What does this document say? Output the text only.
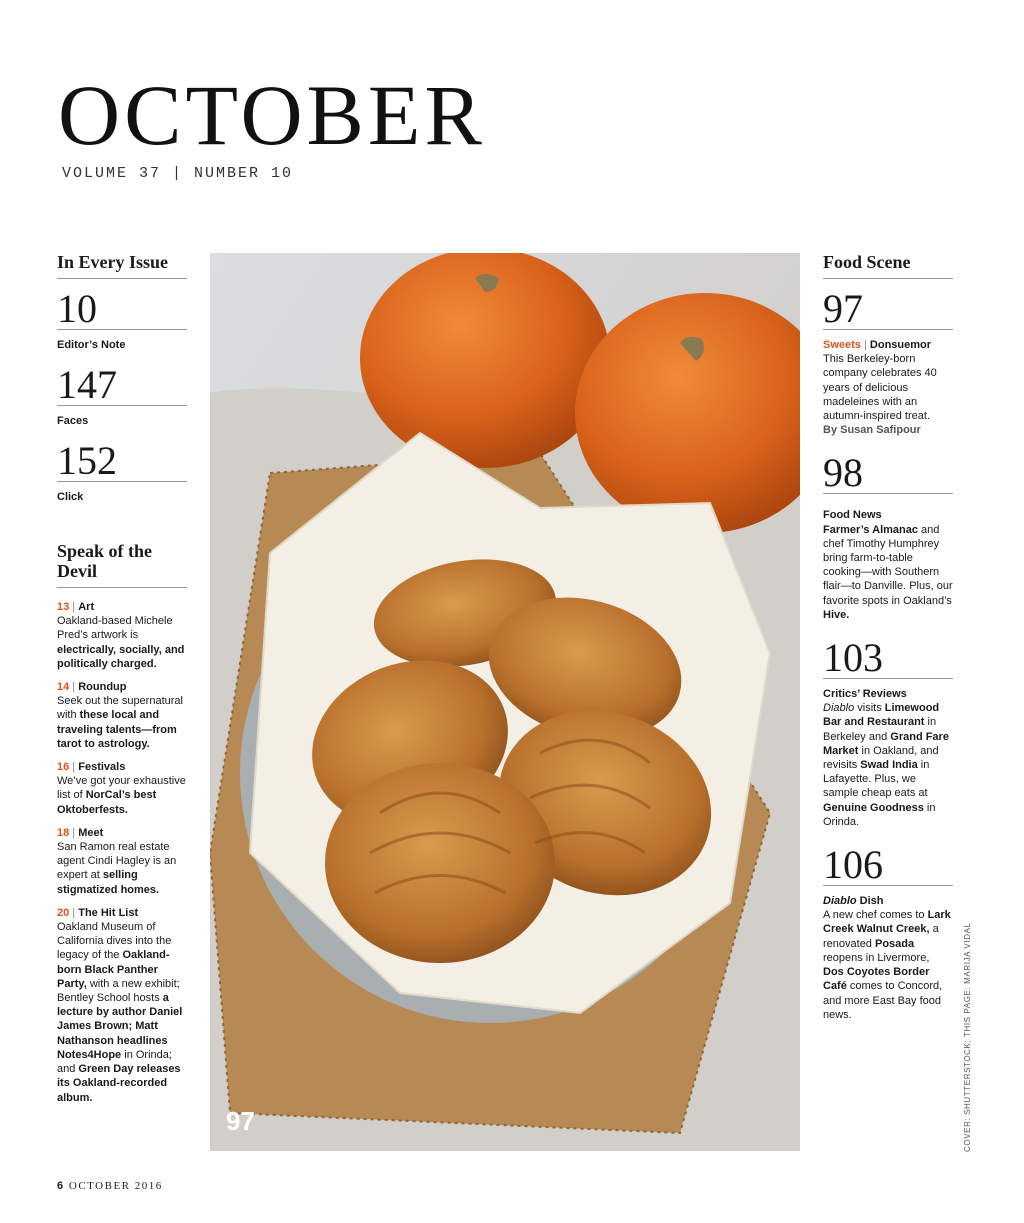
OCTOBER
VOLUME 37 | NUMBER 10
In Every Issue
10
Editor’s Note
147
Faces
152
Click
Speak of the Devil
13 | Art
Oakland-based Michele Pred’s artwork is electrically, socially, and politically charged.
14 | Roundup
Seek out the supernatural with these local and traveling talents—from tarot to astrology.
16 | Festivals
We’ve got your exhaustive list of NorCal’s best Oktoberfests.
18 | Meet
San Ramon real estate agent Cindi Hagley is an expert at selling stigmatized homes.
20 | The Hit List
Oakland Museum of California dives into the legacy of the Oakland-born Black Panther Party, with a new exhibit; Bentley School hosts a lecture by author Daniel James Brown; Matt Nathanson headlines Notes4Hope in Orinda; and Green Day releases its Oakland-recorded album.
97
Food Scene
97
Sweets | Donsuemor
This Berkeley-born company celebrates 40 years of delicious madeleines with an autumn-inspired treat.
By Susan Safipour
98
Food News
Farmer’s Almanac and chef Timothy Humphrey bring farm-to-table cooking—with Southern flair—to Danville. Plus, our favorite spots in Oakland’s Hive.
103
Critics’ Reviews
Diablo visits Limewood Bar and Restaurant in Berkeley and Grand Fare Market in Oakland, and revisits Swad India in Lafayette. Plus, we sample cheap eats at Genuine Goodness in Orinda.
106
Diablo Dish
A new chef comes to Lark Creek Walnut Creek, a renovated Posada reopens in Livermore, Dos Coyotes Border Café comes to Concord, and more East Bay food news.	COVER: SHUTTERSTOCK; THIS PAGE: MARIJA VIDAL
6 OCTOBER 2016
